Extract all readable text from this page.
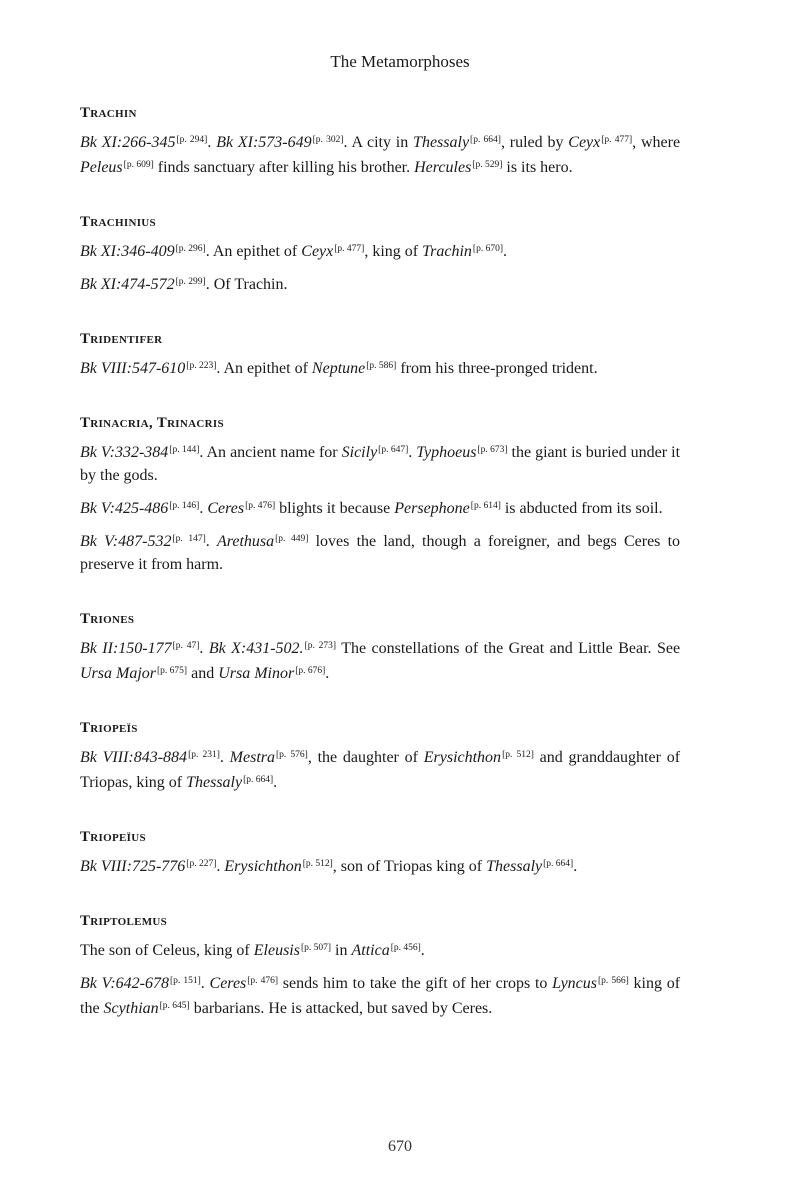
The Metamorphoses
Trachin

Bk XI:266-345[p. 294]. Bk XI:573-649[p. 302]. A city in Thessaly[p. 664], ruled by Ceyx[p. 477], where Peleus[p. 609] finds sanctuary after killing his brother. Hercules[p. 529] is its hero.

Trachinius

Bk XI:346-409[p. 296]. An epithet of Ceyx[p. 477], king of Trachin[p. 670].

Bk XI:474-572[p. 299]. Of Trachin.

Tridentifer

Bk VIII:547-610[p. 223]. An epithet of Neptune[p. 586] from his three-pronged trident.

Trinacria, Trinacris

Bk V:332-384[p. 144]. An ancient name for Sicily[p. 647]. Typhoeus[p. 673] the giant is buried under it by the gods.

Bk V:425-486[p. 146]. Ceres[p. 476] blights it because Persephone[p. 614] is abducted from its soil.

Bk V:487-532[p. 147]. Arethusa[p. 449] loves the land, though a foreigner, and begs Ceres to preserve it from harm.

Triones

Bk II:150-177[p. 47]. Bk X:431-502.[p. 273] The constellations of the Great and Little Bear. See Ursa Major[p. 675] and Ursa Minor[p. 676].

Triopeïs

Bk VIII:843-884[p. 231]. Mestra[p. 576], the daughter of Erysichthon[p. 512] and granddaughter of Triopas, king of Thessaly[p. 664].

Triopeïus

Bk VIII:725-776[p. 227]. Erysichthon[p. 512], son of Triopas king of Thessaly[p. 664].

Triptolemus

The son of Celeus, king of Eleusis[p. 507] in Attica[p. 456].

Bk V:642-678[p. 151]. Ceres[p. 476] sends him to take the gift of her crops to Lyncus[p. 566] king of the Scythian[p. 645] barbarians. He is attacked, but saved by Ceres.

670
